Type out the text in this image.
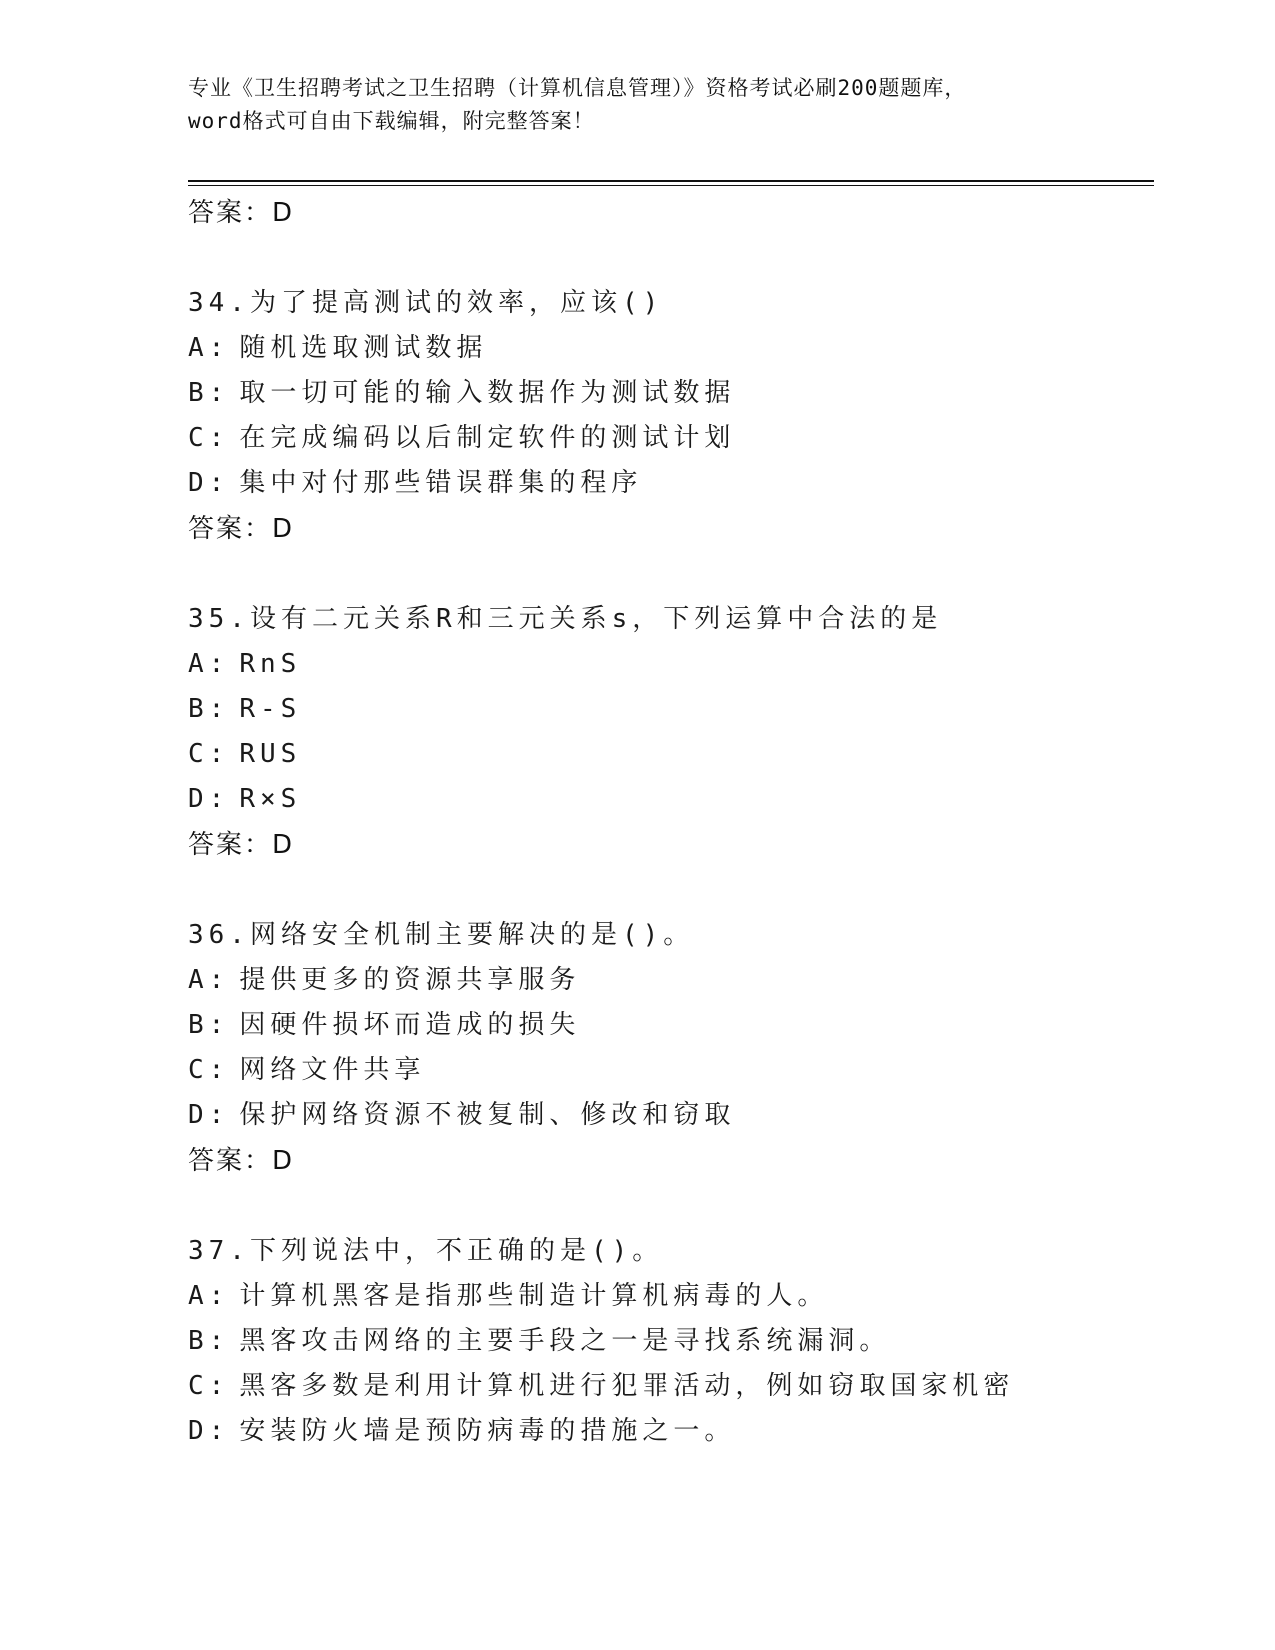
专业《卫生招聘考试之卫生招聘（计算机信息管理）》资格考试必刷200题题库，
word格式可自由下载编辑，附完整答案！
答案：D
34.为了提高测试的效率，应该()
A: 随机选取测试数据
B: 取一切可能的输入数据作为测试数据
C: 在完成编码以后制定软件的测试计划
D: 集中对付那些错误群集的程序
答案：D
35.设有二元关系R和三元关系s，下列运算中合法的是
A: RnS
B: R-S
C: RUS
D: R×S
答案：D
36.网络安全机制主要解决的是()。
A: 提供更多的资源共享服务
B: 因硬件损坏而造成的损失
C: 网络文件共享
D: 保护网络资源不被复制、修改和窃取
答案：D
37.下列说法中，不正确的是()。
A: 计算机黑客是指那些制造计算机病毒的人。
B: 黑客攻击网络的主要手段之一是寻找系统漏洞。
C: 黑客多数是利用计算机进行犯罪活动，例如窃取国家机密
D: 安装防火墙是预防病毒的措施之一。
